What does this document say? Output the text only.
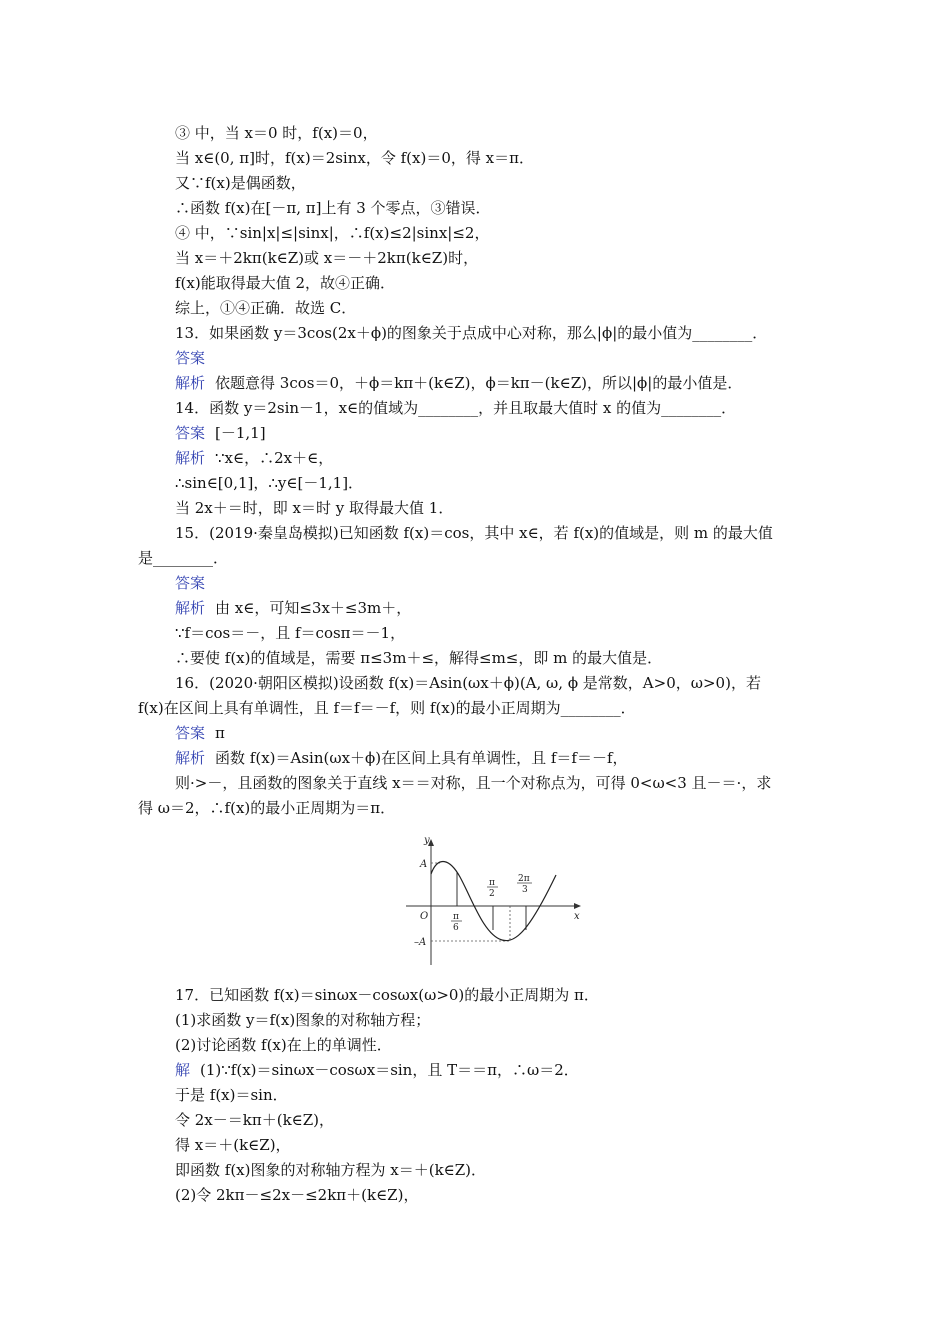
③ 中，当 x＝0 时，f(x)＝0，
当 x∈(0, π]时，f(x)＝2sinx，令 f(x)＝0，得 x＝π．
又∵f(x)是偶函数，
∴函数 f(x)在[－π, π]上有 3 个零点，③错误．
④ 中，∵sin|x|≤|sinx|，∴f(x)≤2|sinx|≤2，
当 x＝＋2kπ(k∈Z)或 x＝－＋2kπ(k∈Z)时，
f(x)能取得最大值 2，故④正确．
综上，①④正确．故选 C．
13．如果函数 y＝3cos(2x＋ϕ)的图象关于点成中心对称，那么|ϕ|的最小值为________．
答案
解析 依题意得 3cos＝0，＋ϕ＝kπ＋(k∈Z)，ϕ＝kπ－(k∈Z)，所以|ϕ|的最小值是．
14．函数 y＝2sin－1，x∈的值域为________，并且取最大值时 x 的值为________．
答案 [－1,1]
解析 ∵x∈，∴2x＋∈，
∴sin∈[0,1]，∴y∈[－1,1]．
当 2x＋＝时，即 x＝时 y 取得最大值 1．
15．(2019·秦皇岛模拟)已知函数 f(x)＝cos，其中 x∈，若 f(x)的值域是，则 m 的最大值
是________．
答案
解析 由 x∈，可知≤3x＋≤3m＋，
∵f＝cos＝－，且 f＝cosπ＝－1，
∴要使 f(x)的值域是，需要 π≤3m＋≤，解得≤m≤，即 m 的最大值是．
16．(2020·朝阳区模拟)设函数 f(x)＝Asin(ωx＋ϕ)(A, ω, ϕ 是常数，A>0，ω>0)，若
f(x)在区间上具有单调性，且 f＝f＝－f，则 f(x)的最小正周期为________．
答案 π
解析 函数 f(x)＝Asin(ωx＋ϕ)在区间上具有单调性，且 f＝f＝－f，
则·>－，且函数的图象关于直线 x＝＝对称，且一个对称点为，可得 0<ω<3 且－＝·，求
得 ω＝2，∴f(x)的最小正周期为＝π．
y
x
O
A
–A
π
6
π
2
2π
3
17．已知函数 f(x)＝sinωx－cosωx(ω>0)的最小正周期为 π．
(1)求函数 y＝f(x)图象的对称轴方程；
(2)讨论函数 f(x)在上的单调性．
解 (1)∵f(x)＝sinωx－cosωx＝sin，且 T＝＝π，∴ω＝2．
于是 f(x)＝sin．
令 2x－＝kπ＋(k∈Z)，
得 x＝＋(k∈Z)，
即函数 f(x)图象的对称轴方程为 x＝＋(k∈Z)．
(2)令 2kπ－≤2x－≤2kπ＋(k∈Z)，
